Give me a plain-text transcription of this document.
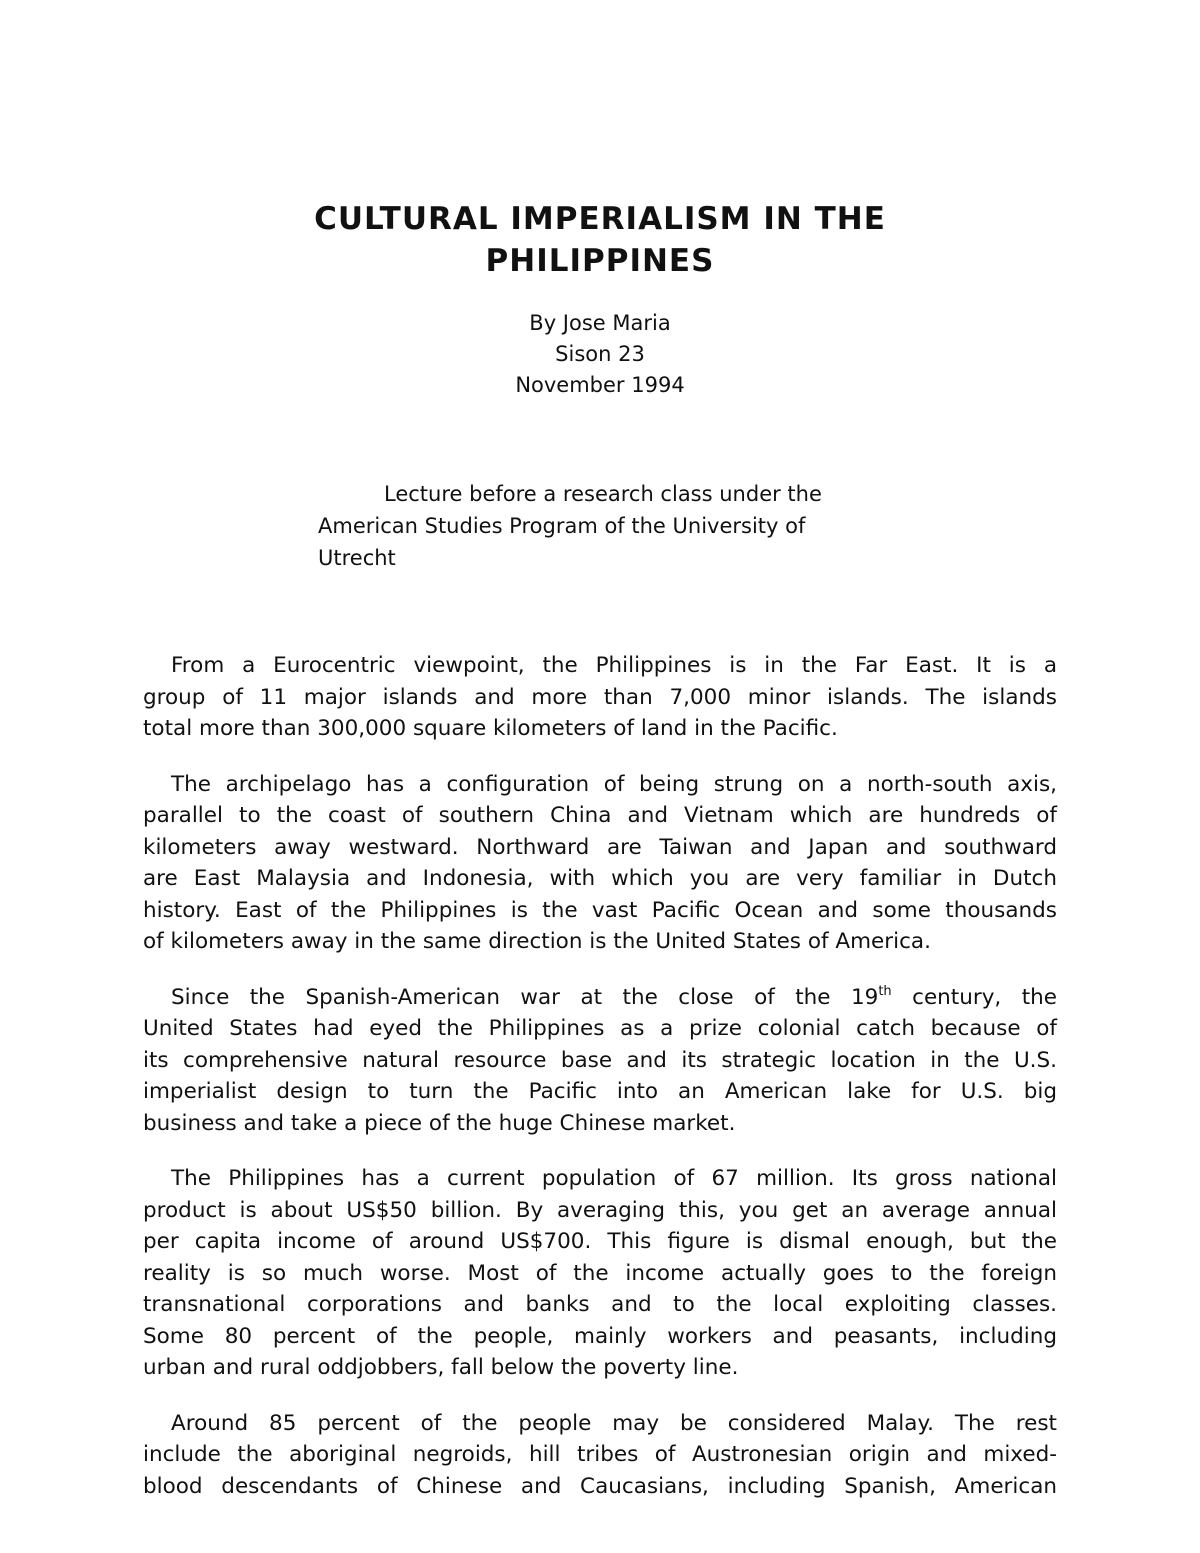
CULTURAL IMPERIALISM IN THE
PHILIPPINES
By Jose Maria
Sison 23
November 1994
Lecture before a research class under the
American Studies Program of the University of
Utrecht

From a Eurocentric viewpoint, the Philippines is in the Far East. It is a
group of 11 major islands and more than 7,000 minor islands. The islands
total more than 300,000 square kilometers of land in the Pacific.

The archipelago has a configuration of being strung on a north-south axis,
parallel to the coast of southern China and Vietnam which are hundreds of
kilometers away westward. Northward are Taiwan and Japan and southward
are East Malaysia and Indonesia, with which you are very familiar in Dutch
history. East of the Philippines is the vast Pacific Ocean and some thousands
of kilometers away in the same direction is the United States of America.

Since the Spanish-American war at the close of the 19th century, the
United States had eyed the Philippines as a prize colonial catch because of
its comprehensive natural resource base and its strategic location in the U.S.
imperialist design to turn the Pacific into an American lake for U.S. big
business and take a piece of the huge Chinese market.

The Philippines has a current population of 67 million. Its gross national
product is about US$50 billion. By averaging this, you get an average annual
per capita income of around US$700. This figure is dismal enough, but the
reality is so much worse. Most of the income actually goes to the foreign
transnational corporations and banks and to the local exploiting classes.
Some 80 percent of the people, mainly workers and peasants, including
urban and rural oddjobbers, fall below the poverty line.

Around 85 percent of the people may be considered Malay. The rest
include the aboriginal negroids, hill tribes of Austronesian origin and mixed-
blood descendants of Chinese and Caucasians, including Spanish, American
